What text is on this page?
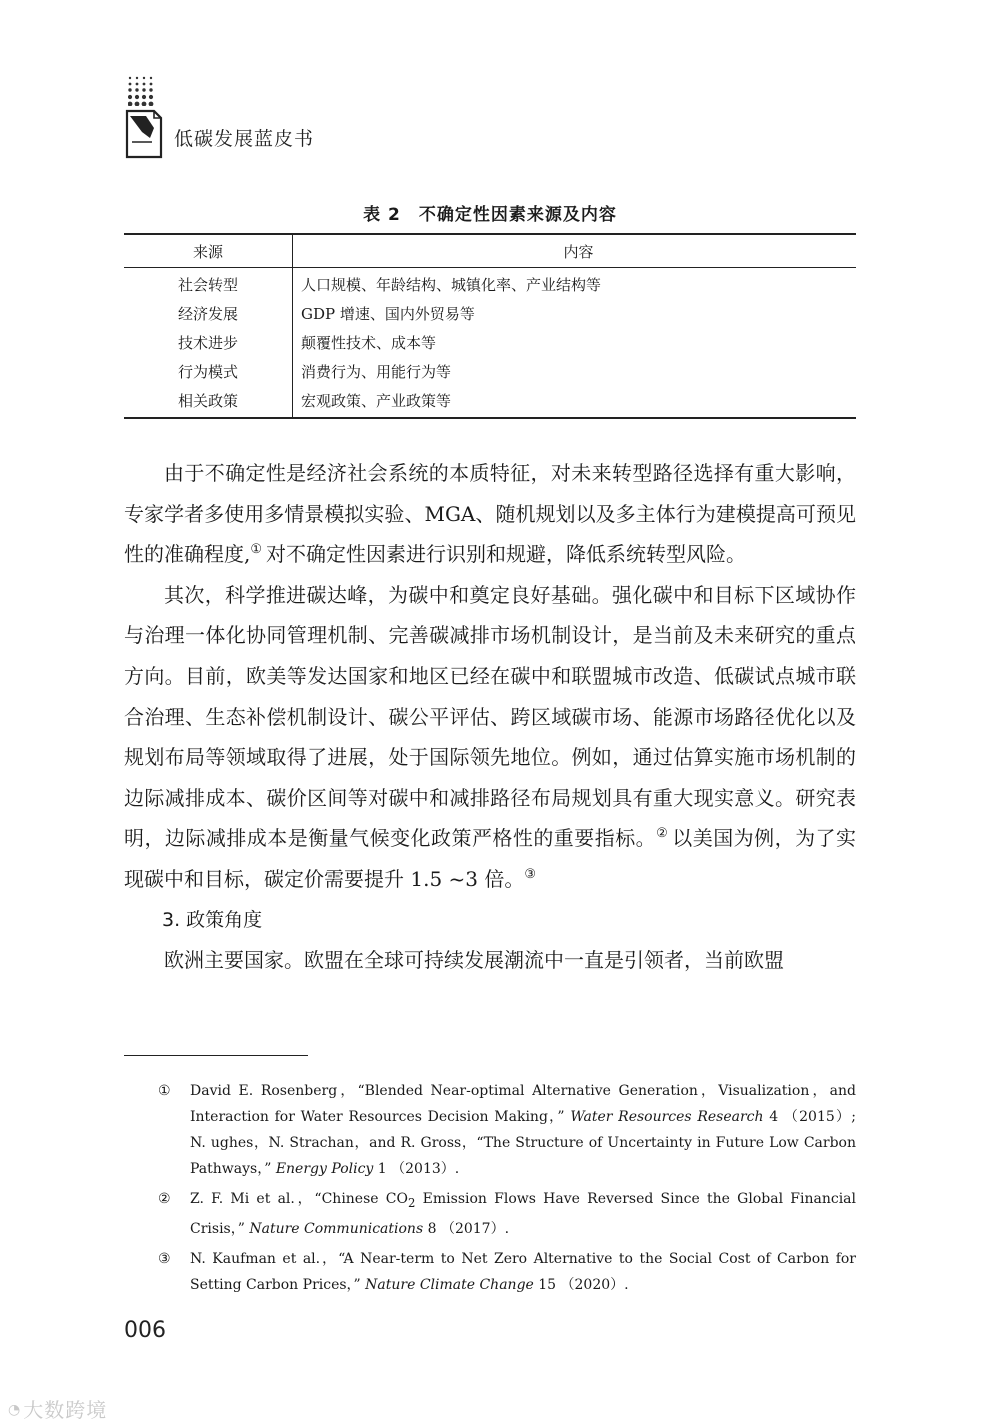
低碳发展蓝皮书
表 2 不确定性因素来源及内容
来源	内容
社会转型	人口规模、年龄结构、城镇化率、产业结构等
经济发展	GDP 增速、国内外贸易等
技术进步	颠覆性技术、成本等
行为模式	消费行为、用能行为等
相关政策	宏观政策、产业政策等

由于不确定性是经济社会系统的本质特征，对未来转型路径选择有重大影响，专家学者多使用多情景模拟实验、MGA、随机规划以及多主体行为建模提高可预见性的准确程度,① 对不确定性因素进行识别和规避，降低系统转型风险。

其次，科学推进碳达峰，为碳中和奠定良好基础。强化碳中和目标下区域协作与治理一体化协同管理机制、完善碳减排市场机制设计，是当前及未来研究的重点方向。目前，欧美等发达国家和地区已经在碳中和联盟城市改造、低碳试点城市联合治理、生态补偿机制设计、碳公平评估、跨区域碳市场、能源市场路径优化以及规划布局等领域取得了进展，处于国际领先地位。例如，通过估算实施市场机制的边际减排成本、碳价区间等对碳中和减排路径布局规划具有重大现实意义。研究表明，边际减排成本是衡量气候变化政策严格性的重要指标。② 以美国为例，为了实现碳中和目标，碳定价需要提升 1.5 ~3 倍。③

3. 政策角度

欧洲主要国家。欧盟在全球可持续发展潮流中一直是引领者，当前欧盟

① David E. Rosenberg，“Blended Near-optimal Alternative Generation，Visualization，and Interaction for Water Resources Decision Making，” Water Resources Research 4 （2015）; N. ughes，N. Strachan，and R. Gross，“The Structure of Uncertainty in Future Low Carbon Pathways，” Energy Policy 1 （2013）.
② Z. F. Mi et al.，“Chinese $CO_2$ Emission Flows Have Reversed Since the Global Financial Crisis，” Nature Communications 8 （2017）.
③ N. Kaufman et al.，“A Near-term to Net Zero Alternative to the Social Cost of Carbon for Setting Carbon Prices，” Nature Climate Change 15 （2020）.
006
◔ 大数跨境
